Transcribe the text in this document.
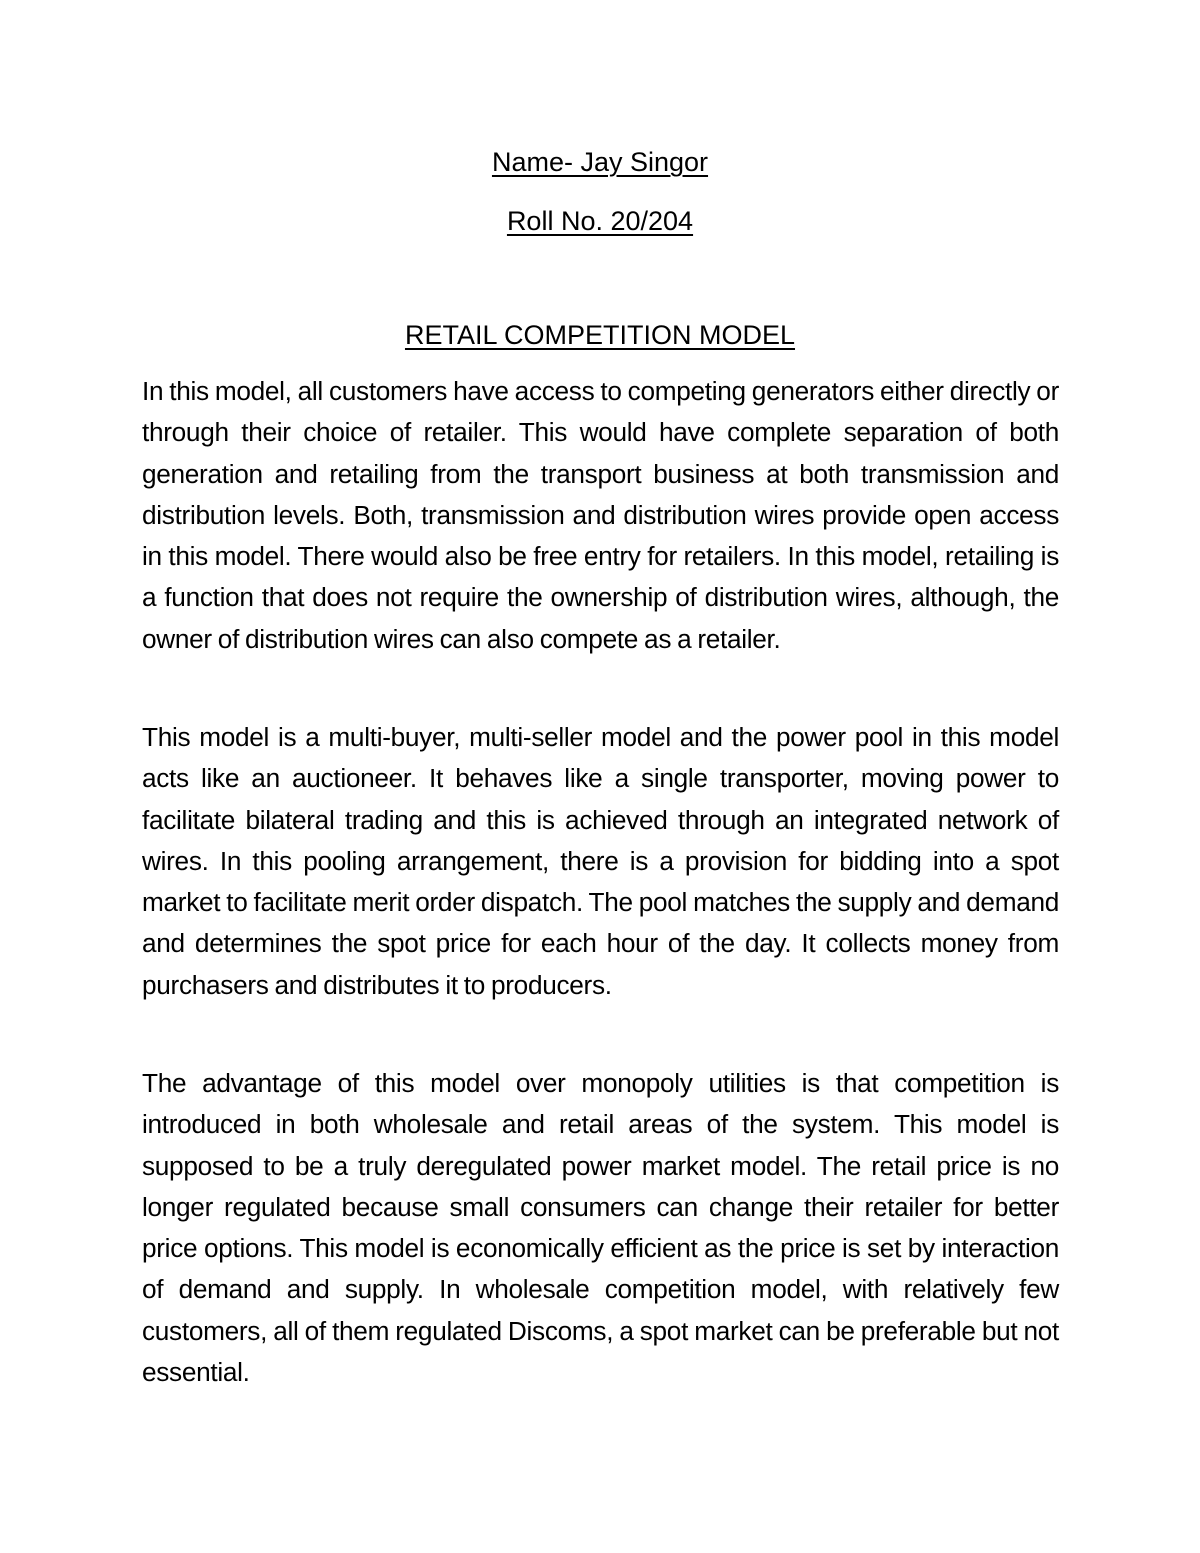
Name- Jay Singor
Roll No. 20/204
RETAIL COMPETITION MODEL

In this model, all customers have access to competing generators either directly or through their choice of retailer. This would have complete separation of both generation and retailing from the transport business at both transmission and distribution levels. Both, transmission and distribution wires provide open access in this model. There would also be free entry for retailers. In this model, retailing is a function that does not require the ownership of distribution wires, although, the owner of distribution wires can also compete as a retailer.

This model is a multi-buyer, multi-seller model and the power pool in this model acts like an auctioneer. It behaves like a single transporter, moving power to facilitate bilateral trading and this is achieved through an integrated network of wires. In this pooling arrangement, there is a provision for bidding into a spot market to facilitate merit order dispatch. The pool matches the supply and demand and determines the spot price for each hour of the day. It collects money from purchasers and distributes it to producers.

The advantage of this model over monopoly utilities is that competition is introduced in both wholesale and retail areas of the system. This model is supposed to be a truly deregulated power market model. The retail price is no longer regulated because small consumers can change their retailer for better price options. This model is economically efficient as the price is set by interaction of demand and supply. In wholesale competition model, with relatively few customers, all of them regulated Discoms, a spot market can be preferable but not essential.
